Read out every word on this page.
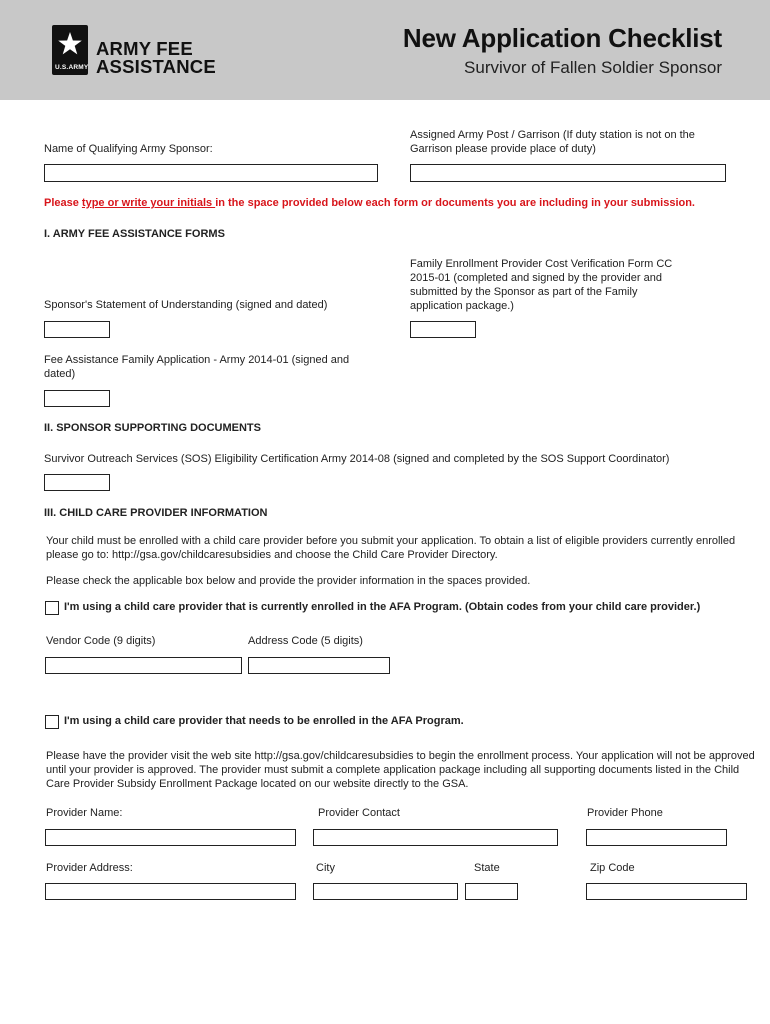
U.S.ARMY
ARMY FEE
ASSISTANCE
New Application Checklist
Survivor of Fallen Soldier Sponsor
Name of Qualifying Army Sponsor:
Assigned Army Post / Garrison (If duty station is not on the Garrison please provide place of duty)
Please type or write your initials in the space provided below each form or documents you are including in your submission.
I. ARMY FEE ASSISTANCE FORMS
Sponsor's Statement of Understanding (signed and dated)
Family Enrollment Provider Cost Verification Form CC 2015-01 (completed and signed by the provider and submitted by the Sponsor as part of the Family application package.)
Fee Assistance Family Application - Army 2014-01 (signed and dated)
II. SPONSOR SUPPORTING DOCUMENTS
Survivor Outreach Services (SOS) Eligibility Certification Army 2014-08 (signed and completed by the SOS Support Coordinator)
III. CHILD CARE PROVIDER INFORMATION
Your child must be enrolled with a child care provider before you submit your application. To obtain a list of eligible providers currently enrolled please go to: http://gsa.gov/childcaresubsidies and choose the Child Care Provider Directory.
Please check the applicable box below and provide the provider information in the spaces provided.
I'm using a child care provider that is currently enrolled in the AFA Program. (Obtain codes from your child care provider.)
Vendor Code (9 digits)	Address Code (5 digits)
I'm using a child care provider that needs to be enrolled in the AFA Program.
Please have the provider visit the web site http://gsa.gov/childcaresubsidies to begin the enrollment process. Your application will not be approved until your provider is approved. The provider must submit a complete application package including all supporting documents listed in the Child Care Provider Subsidy Enrollment Package located on our website directly to the GSA.
Provider Name:	Provider Contact	Provider Phone
Provider Address:	City	State	Zip Code
